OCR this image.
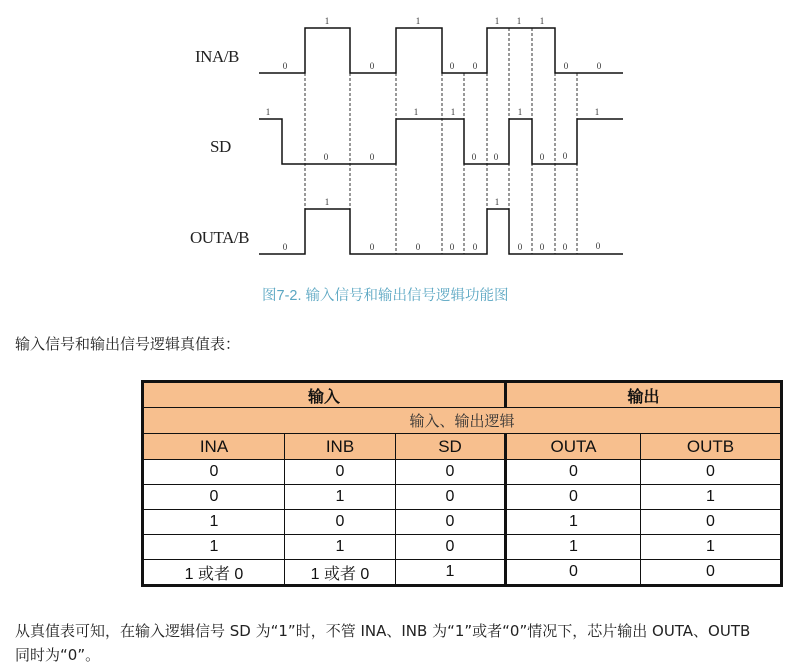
0
1
0
1
0 0
1 1 1
0	0
1
0	0
1	1
0 0
1
0 0
1
0
1
0	0	0 0
1
0 0 0	0
INA/B
SD
OUTA/B
图7-2. 输入信号和输出信号逻辑功能图
输入信号和输出信号逻辑真值表：
输入			输出	
输入、输出逻辑				
INA	INB	SD	OUTA	OUTB
0	0	0	0	0
0	1	0	0	1
1	0	0	1	0
1	1	0	1	1
1 或者 0	1 或者 0	1	0	0
从真值表可知，在输入逻辑信号 SD 为“1”时，不管 INA、INB 为“1”或者“0”情况下，芯片输出 OUTA、OUTB
同时为“0”。
